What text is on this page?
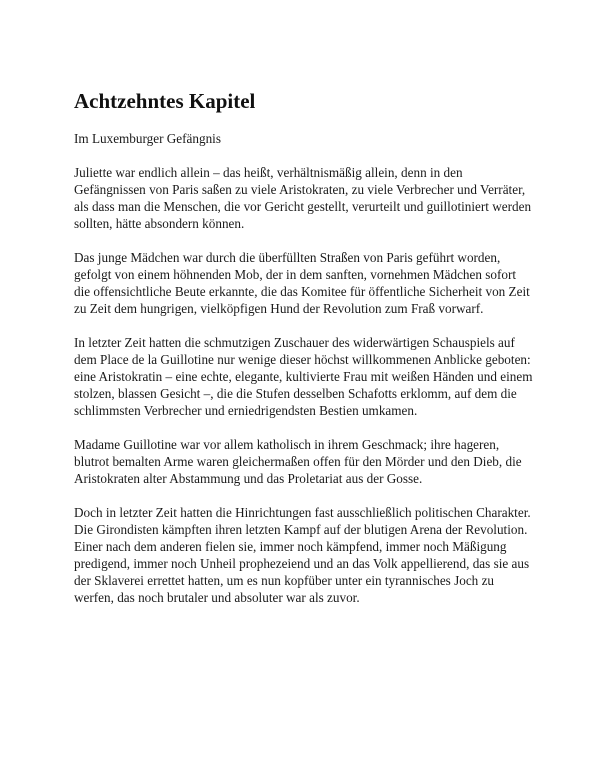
Achtzehntes Kapitel

Im Luxemburger Gefängnis

Juliette war endlich allein – das heißt, verhältnismäßig allein, denn in den Gefängnissen von Paris saßen zu viele Aristokraten, zu viele Verbrecher und Verräter, als dass man die Menschen, die vor Gericht gestellt, verurteilt und guillotiniert werden sollten, hätte absondern können.

Das junge Mädchen war durch die überfüllten Straßen von Paris geführt worden, gefolgt von einem höhnenden Mob, der in dem sanften, vornehmen Mädchen sofort die offensichtliche Beute erkannte, die das Komitee für öffentliche Sicherheit von Zeit zu Zeit dem hungrigen, vielköpfigen Hund der Revolution zum Fraß vorwarf.

In letzter Zeit hatten die schmutzigen Zuschauer des widerwärtigen Schauspiels auf dem Place de la Guillotine nur wenige dieser höchst willkommenen Anblicke geboten: eine Aristokratin – eine echte, elegante, kultivierte Frau mit weißen Händen und einem stolzen, blassen Gesicht –, die die Stufen desselben Schafotts erklomm, auf dem die schlimmsten Verbrecher und erniedrigendsten Bestien umkamen.

Madame Guillotine war vor allem katholisch in ihrem Geschmack; ihre hageren, blutrot bemalten Arme waren gleichermaßen offen für den Mörder und den Dieb, die Aristokraten alter Abstammung und das Proletariat aus der Gosse.

Doch in letzter Zeit hatten die Hinrichtungen fast ausschließlich politischen Charakter. Die Girondisten kämpften ihren letzten Kampf auf der blutigen Arena der Revolution. Einer nach dem anderen fielen sie, immer noch kämpfend, immer noch Mäßigung predigend, immer noch Unheil prophezeiend und an das Volk appellierend, das sie aus der Sklaverei errettet hatten, um es nun kopfüber unter ein tyrannisches Joch zu werfen, das noch brutaler und absoluter war als zuvor.
